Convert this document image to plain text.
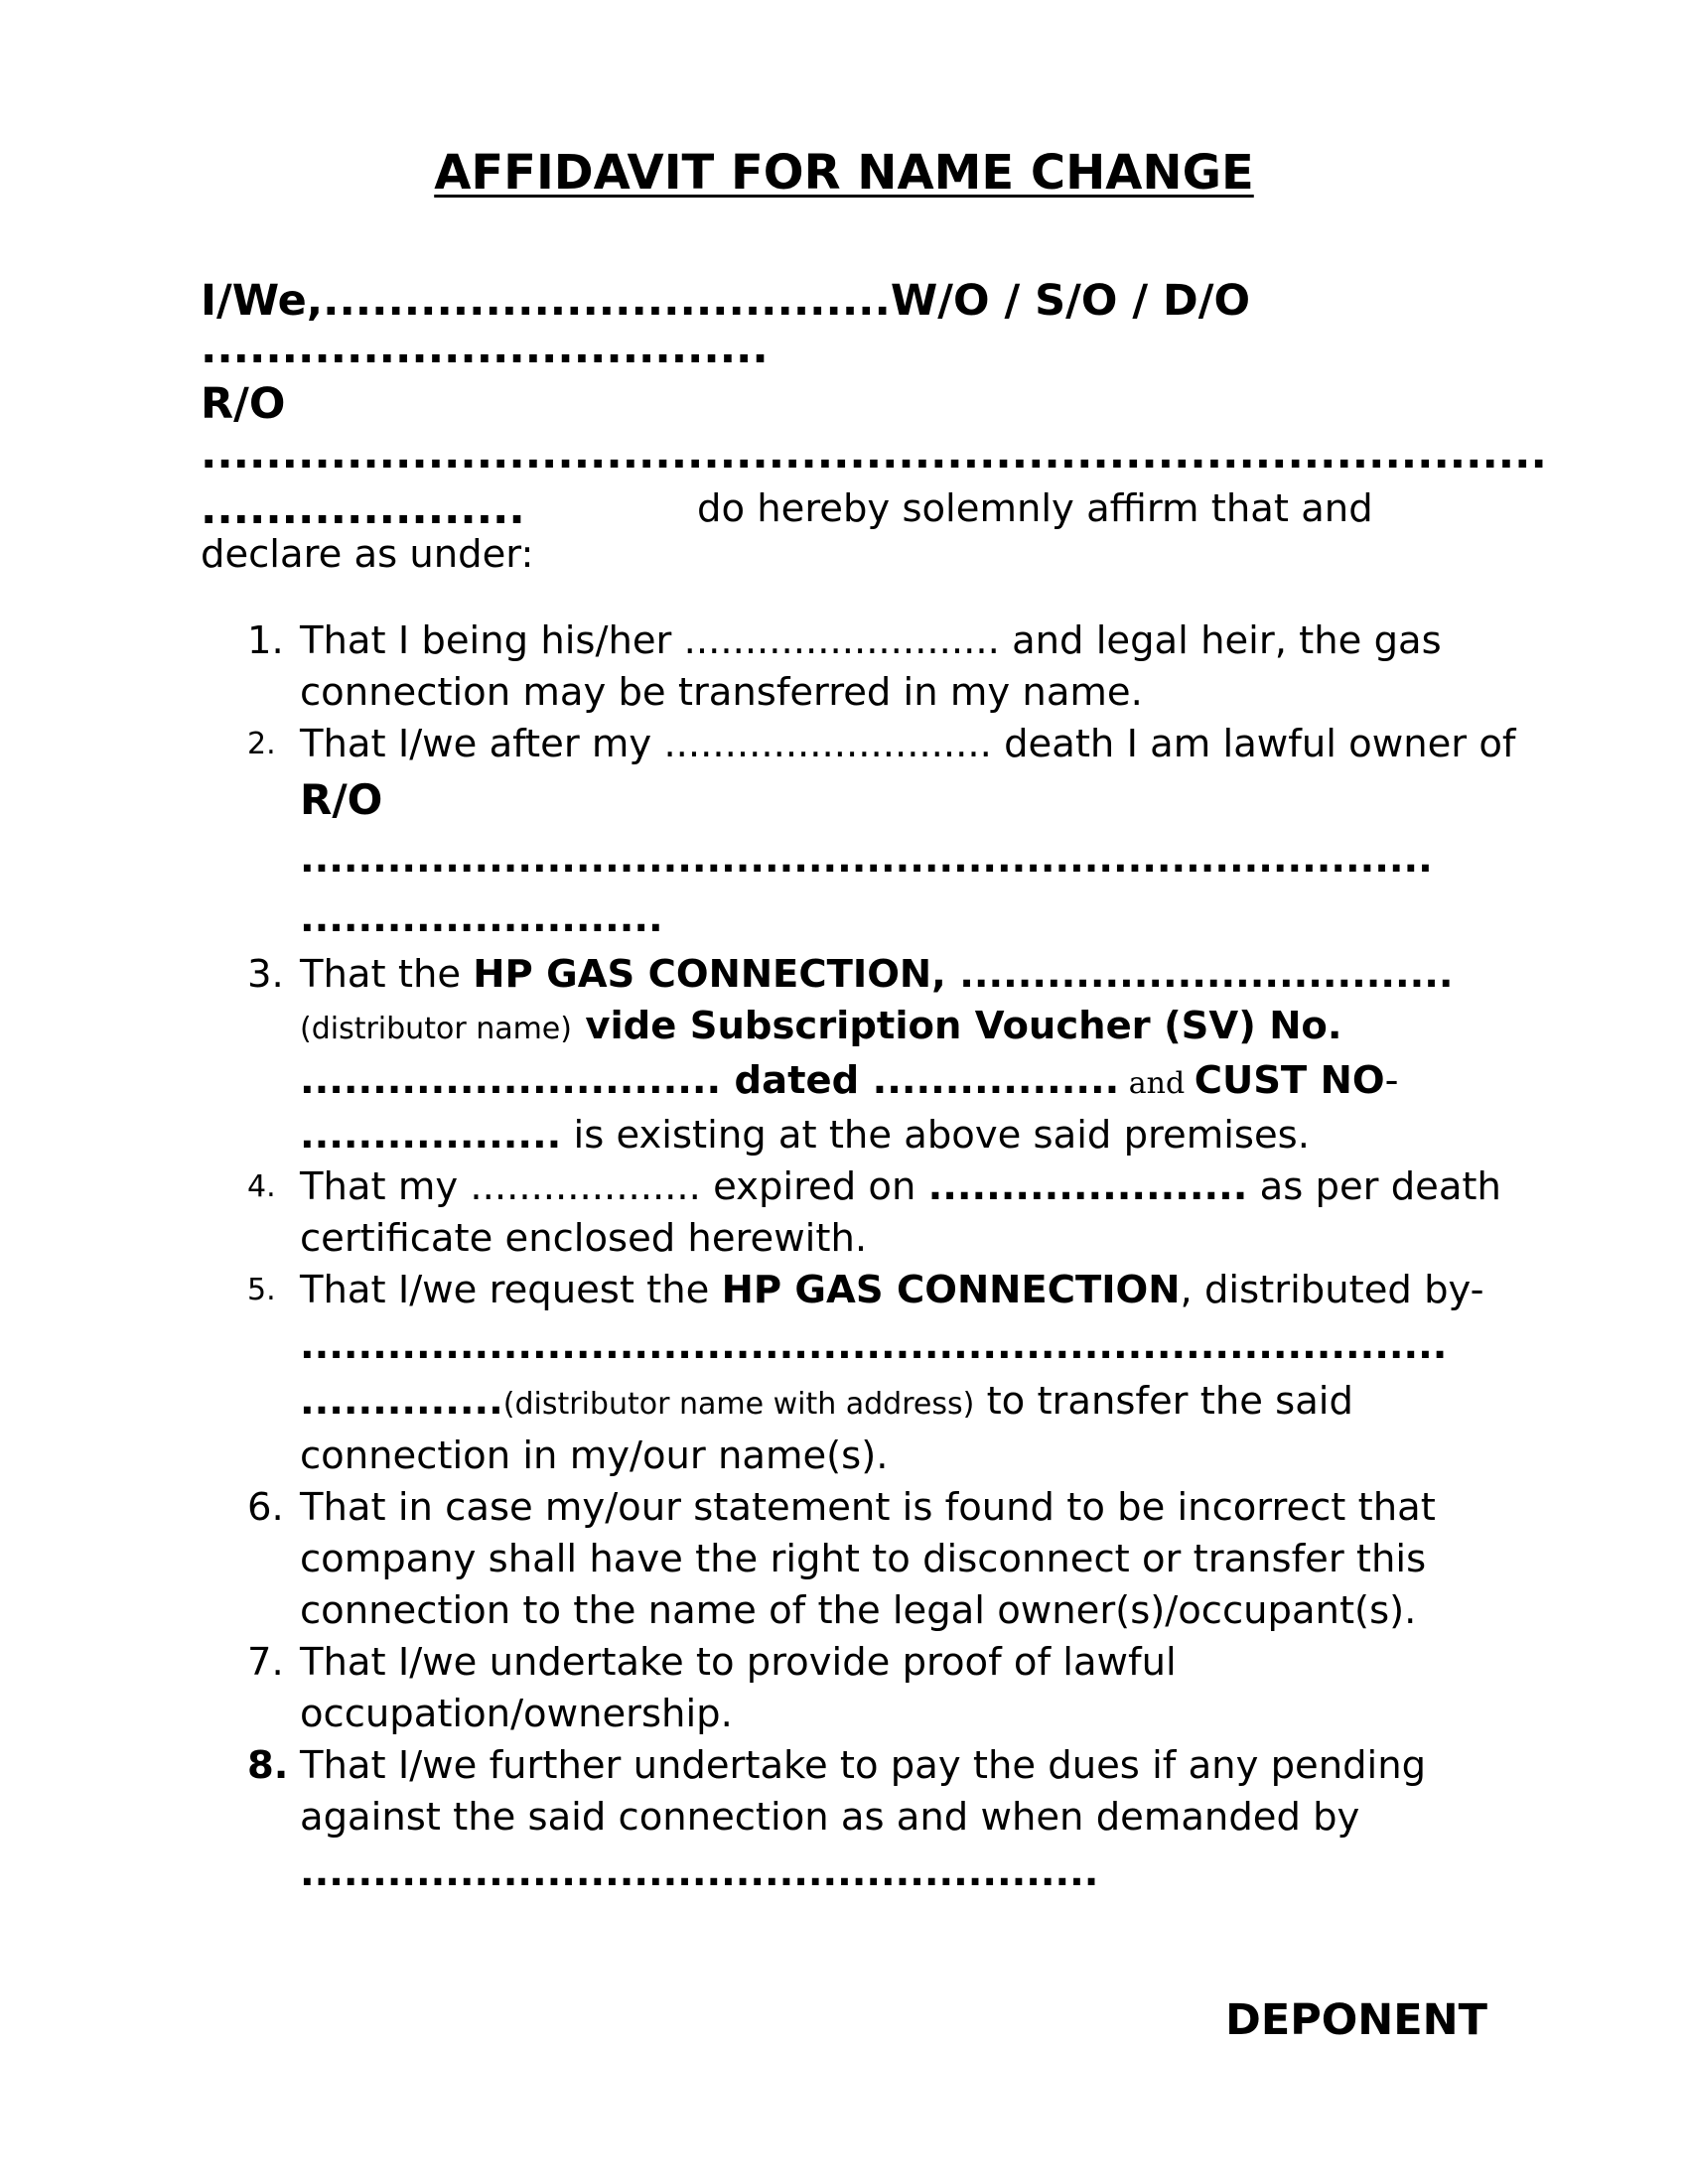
AFFIDAVIT FOR NAME CHANGE
I/We,...................................W/O / S/O / D/O
...................................
R/O
...................................................................................
....................	do hereby solemnly affirm that and
declare as under:
1. That I being his/her .......................... and legal heir, the gas connection may be transferred in my name.
2. That I/we after my ........................... death I am lawful owner of
R/O
..............................................................................
.........................
3. That the HP GAS CONNECTION, ..................................
(distributor name) vide Subscription Voucher (SV) No.
............................. dated ................. and CUST NO-
.................. is existing at the above said premises.
4. That my ................... expired on ...................... as per death certificate enclosed herewith.
5. That I/we request the HP GAS CONNECTION, distributed by-
...............................................................................
..............(distributor name with address) to transfer the said connection in my/our name(s).
6. That in case my/our statement is found to be incorrect that company shall have the right to disconnect or transfer this connection to the name of the legal owner(s)/occupant(s).
7. That I/we undertake to provide proof of lawful occupation/ownership.
8. That I/we further undertake to pay the dues if any pending against the said connection as and when demanded by
.......................................................
DEPONENT
